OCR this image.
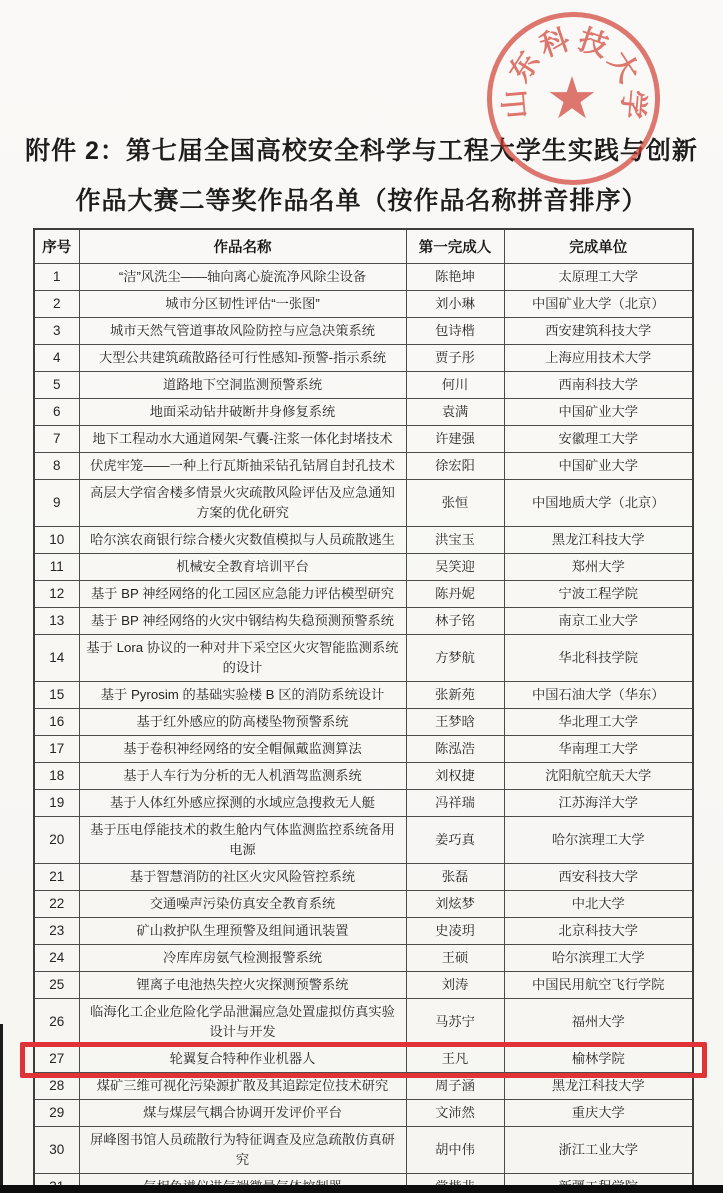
附件 2：第七届全国高校安全科学与工程大学生实践与创新
作品大赛二等奖作品名单（按作品名称拼音排序）
★
山
东
科 技
大
学
序号	作品名称	第一完成人	完成单位
1	“洁”风洗尘——轴向离心旋流净风除尘设备	陈艳坤	太原理工大学
2	城市分区韧性评估“一张图”	刘小琳	中国矿业大学（北京）
3	城市天然气管道事故风险防控与应急决策系统	包诗楷	西安建筑科技大学
4	大型公共建筑疏散路径可行性感知-预警-指示系统	贾子彤	上海应用技术大学
5	道路地下空洞监测预警系统	何川	西南科技大学
6	地面采动钻井破断井身修复系统	袁满	中国矿业大学
7	地下工程动水大通道网架-气囊-注浆一体化封堵技术	许建强	安徽理工大学
8	伏虎牢笼——一种上行瓦斯抽采钻孔钻屑自封孔技术	徐宏阳	中国矿业大学
9	高层大学宿舍楼多情景火灾疏散风险评估及应急通知方案的优化研究	张恒	中国地质大学（北京）
10	哈尔滨农商银行综合楼火灾数值模拟与人员疏散逃生	洪宝玉	黑龙江科技大学
11	机械安全教育培训平台	吴笑迎	郑州大学
12	基于 BP 神经网络的化工园区应急能力评估模型研究	陈丹妮	宁波工程学院
13	基于 BP 神经网络的火灾中钢结构失稳预测预警系统	林子铭	南京工业大学
14	基于 Lora 协议的一种对井下采空区火灾智能监测系统的设计	方梦航	华北科技学院
15	基于 Pyrosim 的基础实验楼 B 区的消防系统设计	张新苑	中国石油大学（华东）
16	基于红外感应的防高楼坠物预警系统	王梦晗	华北理工大学
17	基于卷积神经网络的安全帽佩戴监测算法	陈泓浩	华南理工大学
18	基于人车行为分析的无人机酒驾监测系统	刘权捷	沈阳航空航天大学
19	基于人体红外感应探测的水域应急搜救无人艇	冯祥瑞	江苏海洋大学
20	基于压电俘能技术的救生舱内气体监测监控系统备用电源	姜巧真	哈尔滨理工大学
21	基于智慧消防的社区火灾风险管控系统	张磊	西安科技大学
22	交通噪声污染仿真安全教育系统	刘炫梦	中北大学
23	矿山救护队生理预警及组间通讯装置	史凌玥	北京科技大学
24	冷库库房氨气检测报警系统	王硕	哈尔滨理工大学
25	锂离子电池热失控火灾探测预警系统	刘涛	中国民用航空飞行学院
26	临海化工企业危险化学品泄漏应急处置虚拟仿真实验设计与开发	马苏宁	福州大学
27	轮翼复合特种作业机器人	王凡	榆林学院
28	煤矿三维可视化污染源扩散及其追踪定位技术研究	周子涵	黑龙江科技大学
29	煤与煤层气耦合协调开发评价平台	文沛然	重庆大学
30	屏峰图书馆人员疏散行为特征调查及应急疏散仿真研究	胡中伟	浙江工业大学
